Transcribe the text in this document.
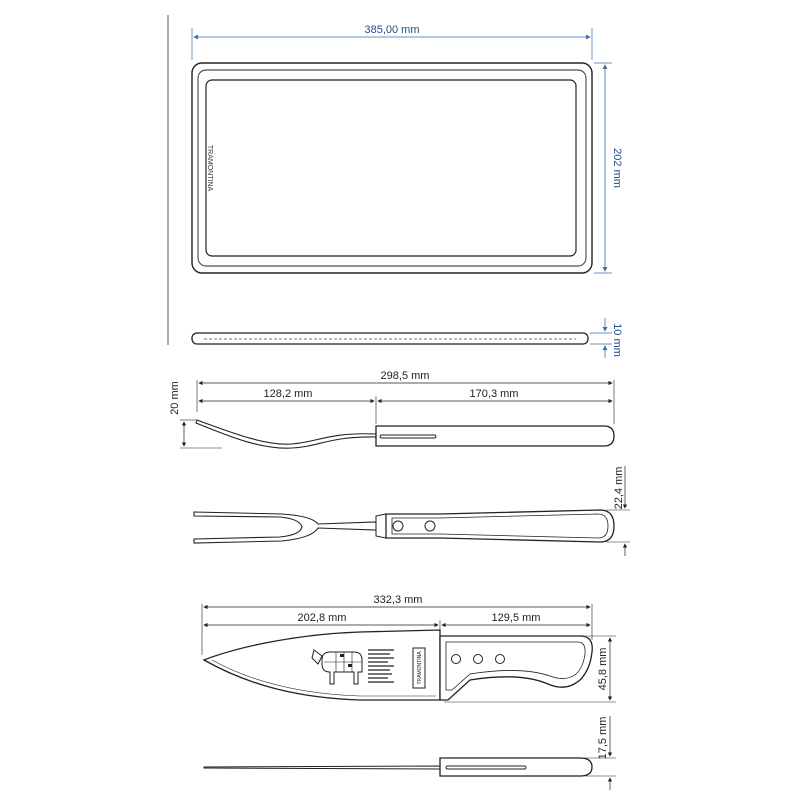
TRAMONTINA
385,00 mm
202 mm
10 mm
298,5 mm
128,2 mm	170,3 mm
20 mm
22,4 mm
TRAMONTINA
332,3 mm
202,8 mm	129,5 mm
45,8 mm
17,5 mm
